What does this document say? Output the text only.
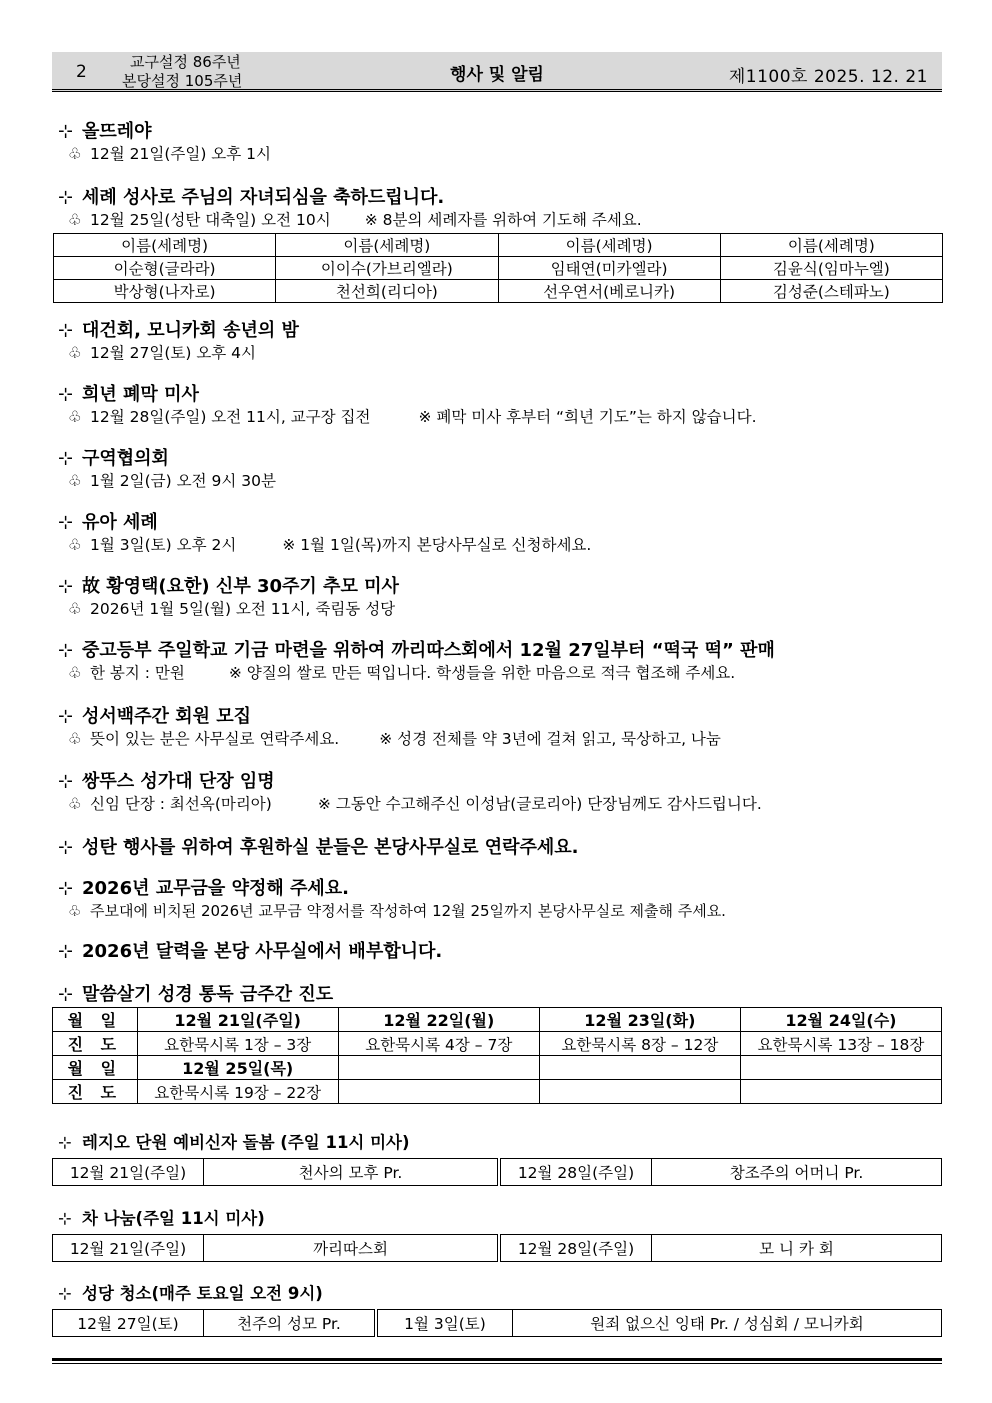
2	교구설정 86주년
본당설정 105주년	행사 및 알림	제1100호 2025. 12. 21
⊹ 올뜨레야
♧ 12월 21일(주일) 오후 1시
⊹ 세례 성사로 주님의 자녀되심을 축하드립니다.
♧ 12월 25일(성탄 대축일) 오전 10시 ※ 8분의 세례자를 위하여 기도해 주세요.
이름(세례명)	이름(세례명)	이름(세례명)	이름(세례명)
이순형(글라라)	이이수(가브리엘라)	임태연(미카엘라)	김윤식(임마누엘)
박상형(나자로)	천선희(리디아)	선우연서(베로니카)	김성준(스테파노)
⊹ 대건회, 모니카회 송년의 밤
♧ 12월 27일(토) 오후 4시
⊹ 희년 폐막 미사
♧ 12월 28일(주일) 오전 11시, 교구장 집전	※ 폐막 미사 후부터 “희년 기도”는 하지 않습니다.
⊹ 구역협의회
♧ 1월 2일(금) 오전 9시 30분
⊹ 유아 세례
♧ 1월 3일(토) 오후 2시	※ 1월 1일(목)까지 본당사무실로 신청하세요.
⊹ 故 황영택(요한) 신부 30주기 추모 미사
♧ 2026년 1월 5일(월) 오전 11시, 죽림동 성당
⊹ 중고등부 주일학교 기금 마련을 위하여 까리따스회에서 12월 27일부터 “떡국 떡” 판매
♧ 한 봉지 : 만원	※ 양질의 쌀로 만든 떡입니다. 학생들을 위한 마음으로 적극 협조해 주세요.
⊹ 성서백주간 회원 모집
♧ 뜻이 있는 분은 사무실로 연락주세요.	※ 성경 전체를 약 3년에 걸쳐 읽고, 묵상하고, 나눔
⊹ 쌍뚜스 성가대 단장 임명
♧ 신임 단장 : 최선옥(마리아)	※ 그동안 수고해주신 이성남(글로리아) 단장님께도 감사드립니다.
⊹ 성탄 행사를 위하여 후원하실 분들은 본당사무실로 연락주세요.
⊹ 2026년 교무금을 약정해 주세요.
♧ 주보대에 비치된 2026년 교무금 약정서를 작성하여 12월 25일까지 본당사무실로 제출해 주세요.
⊹ 2026년 달력을 본당 사무실에서 배부합니다.
⊹ 말씀살기 성경 통독 금주간 진도
월 일	12월 21일(주일)	12월 22일(월)	12월 23일(화)	12월 24일(수)
진 도	요한묵시록 1장 – 3장	요한묵시록 4장 – 7장	요한묵시록 8장 – 12장	요한묵시록 13장 – 18장
월 일	12월 25일(목)			
진 도	요한묵시록 19장 – 22장			
⊹ 레지오 단원 예비신자 돌봄 (주일 11시 미사)
12월 21일(주일)	천사의 모후 Pr.	12월 28일(주일)	창조주의 어머니 Pr.
⊹ 차 나눔(주일 11시 미사)
12월 21일(주일)	까리따스회	12월 28일(주일)	모 니 카 회
⊹ 성당 청소(매주 토요일 오전 9시)
12월 27일(토)	천주의 성모 Pr.	1월 3일(토)	원죄 없으신 잉태 Pr. / 성심회 / 모니카회
